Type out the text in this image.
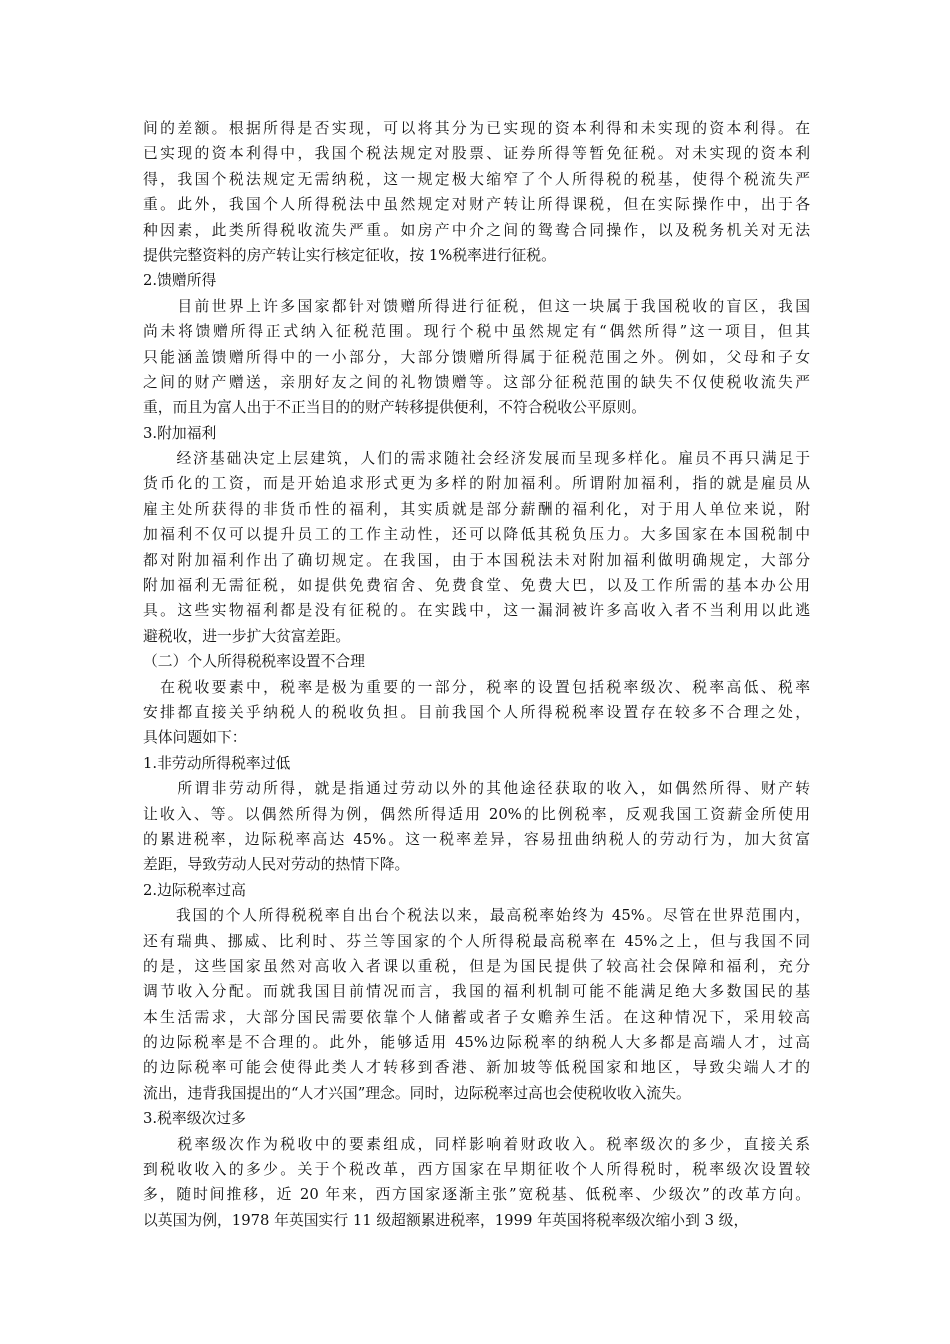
间的差额。根据所得是否实现，可以将其分为已实现的资本利得和未实现的资本利得。在
已实现的资本利得中，我国个税法规定对股票、证券所得等暂免征税。对未实现的资本利
得，我国个税法规定无需纳税，这一规定极大缩窄了个人所得税的税基，使得个税流失严
重。此外，我国个人所得税法中虽然规定对财产转让所得课税，但在实际操作中，出于各
种因素，此类所得税收流失严重。如房产中介之间的鸳鸯合同操作，以及税务机关对无法
提供完整资料的房产转让实行核定征收，按 1%税率进行征税。
2.馈赠所得
　　目前世界上许多国家都针对馈赠所得进行征税，但这一块属于我国税收的盲区，我国
尚未将馈赠所得正式纳入征税范围。现行个税中虽然规定有“偶然所得”这一项目，但其
只能涵盖馈赠所得中的一小部分，大部分馈赠所得属于征税范围之外。例如，父母和子女
之间的财产赠送，亲朋好友之间的礼物馈赠等。这部分征税范围的缺失不仅使税收流失严
重，而且为富人出于不正当目的的财产转移提供便利，不符合税收公平原则。
3.附加福利
　　经济基础决定上层建筑，人们的需求随社会经济发展而呈现多样化。雇员不再只满足于
货币化的工资，而是开始追求形式更为多样的附加福利。所谓附加福利，指的就是雇员从
雇主处所获得的非货币性的福利，其实质就是部分薪酬的福利化，对于用人单位来说，附
加福利不仅可以提升员工的工作主动性，还可以降低其税负压力。大多国家在本国税制中
都对附加福利作出了确切规定。在我国，由于本国税法未对附加福利做明确规定，大部分
附加福利无需征税，如提供免费宿舍、免费食堂、免费大巴，以及工作所需的基本办公用
具。这些实物福利都是没有征税的。在实践中，这一漏洞被许多高收入者不当利用以此逃
避税收，进一步扩大贫富差距。
（二）个人所得税税率设置不合理
　在税收要素中，税率是极为重要的一部分，税率的设置包括税率级次、税率高低、税率
安排都直接关乎纳税人的税收负担。目前我国个人所得税税率设置存在较多不合理之处，
具体问题如下：
1.非劳动所得税率过低
　　所谓非劳动所得，就是指通过劳动以外的其他途径获取的收入，如偶然所得、财产转
让收入、等。以偶然所得为例，偶然所得适用 20%的比例税率，反观我国工资薪金所使用
的累进税率，边际税率高达 45%。这一税率差异，容易扭曲纳税人的劳动行为，加大贫富
差距，导致劳动人民对劳动的热情下降。
2.边际税率过高
　　我国的个人所得税税率自出台个税法以来，最高税率始终为 45%。尽管在世界范围内，
还有瑞典、挪威、比利时、芬兰等国家的个人所得税最高税率在 45%之上，但与我国不同
的是，这些国家虽然对高收入者课以重税，但是为国民提供了较高社会保障和福利，充分
调节收入分配。而就我国目前情况而言，我国的福利机制可能不能满足绝大多数国民的基
本生活需求，大部分国民需要依靠个人储蓄或者子女赡养生活。在这种情况下，采用较高
的边际税率是不合理的。此外，能够适用 45%边际税率的纳税人大多都是高端人才，过高
的边际税率可能会使得此类人才转移到香港、新加坡等低税国家和地区，导致尖端人才的
流出，违背我国提出的“人才兴国”理念。同时，边际税率过高也会使税收收入流失。
3.税率级次过多
　　税率级次作为税收中的要素组成，同样影响着财政收入。税率级次的多少，直接关系
到税收收入的多少。关于个税改革，西方国家在早期征收个人所得税时，税率级次设置较
多，随时间推移，近 20 年来，西方国家逐渐主张”宽税基、低税率、少级次”的改革方向。
以英国为例，1978 年英国实行 11 级超额累进税率，1999 年英国将税率级次缩小到 3 级，
